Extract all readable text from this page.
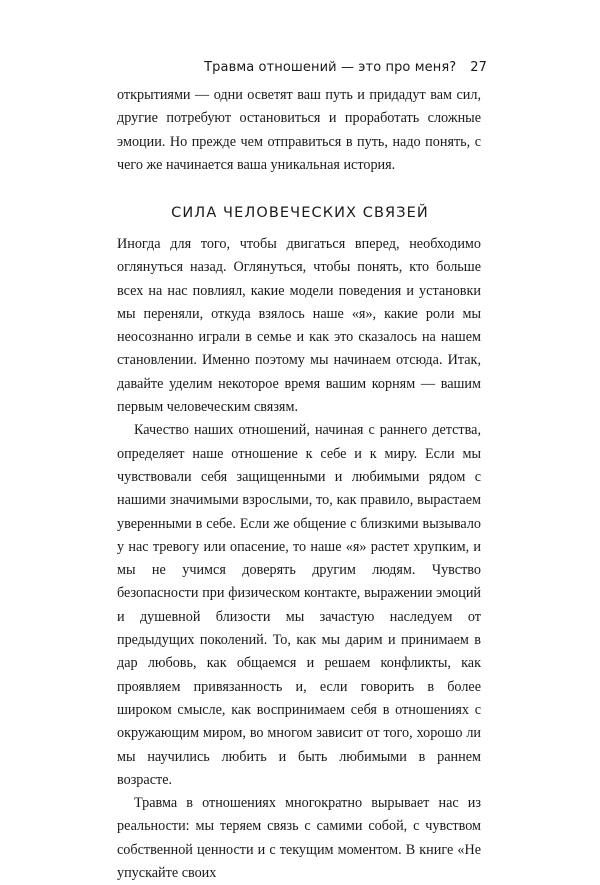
Травма отношений — это про меня? 27

открытиями — одни осветят ваш путь и придадут вам сил, другие потребуют остановиться и проработать сложные эмоции. Но прежде чем отправиться в путь, надо понять, с чего же начинается ваша уникальная история.

СИЛА ЧЕЛОВЕЧЕСКИХ СВЯЗЕЙ

Иногда для того, чтобы двигаться вперед, необходимо оглянуться назад. Оглянуться, чтобы понять, кто больше всех на нас повлиял, какие модели поведения и установки мы переняли, откуда взялось наше «я», какие роли мы неосознанно играли в семье и как это сказалось на нашем становлении. Именно поэтому мы начинаем отсюда. Итак, давайте уделим некоторое время вашим корням — вашим первым человеческим связям.

Качество наших отношений, начиная с раннего детства, определяет наше отношение к себе и к миру. Если мы чувствовали себя защищенными и любимыми рядом с нашими значимыми взрослыми, то, как правило, вырастаем уверенными в себе. Если же общение с близкими вызывало у нас тревогу или опасение, то наше «я» растет хрупким, и мы не учимся доверять другим людям. Чувство безопасности при физическом контакте, выражении эмоций и душевной близости мы зачастую наследуем от предыдущих поколений. То, как мы дарим и принимаем в дар любовь, как общаемся и решаем конфликты, как проявляем привязанность и, если говорить в более широком смысле, как воспринимаем себя в отношениях с окружающим миром, во многом зависит от того, хорошо ли мы научились любить и быть любимыми в раннем возрасте.

Травма в отношениях многократно вырывает нас из реальности: мы теряем связь с самими собой, с чувством собственной ценности и с текущим моментом. В книге «Не упускайте своих
